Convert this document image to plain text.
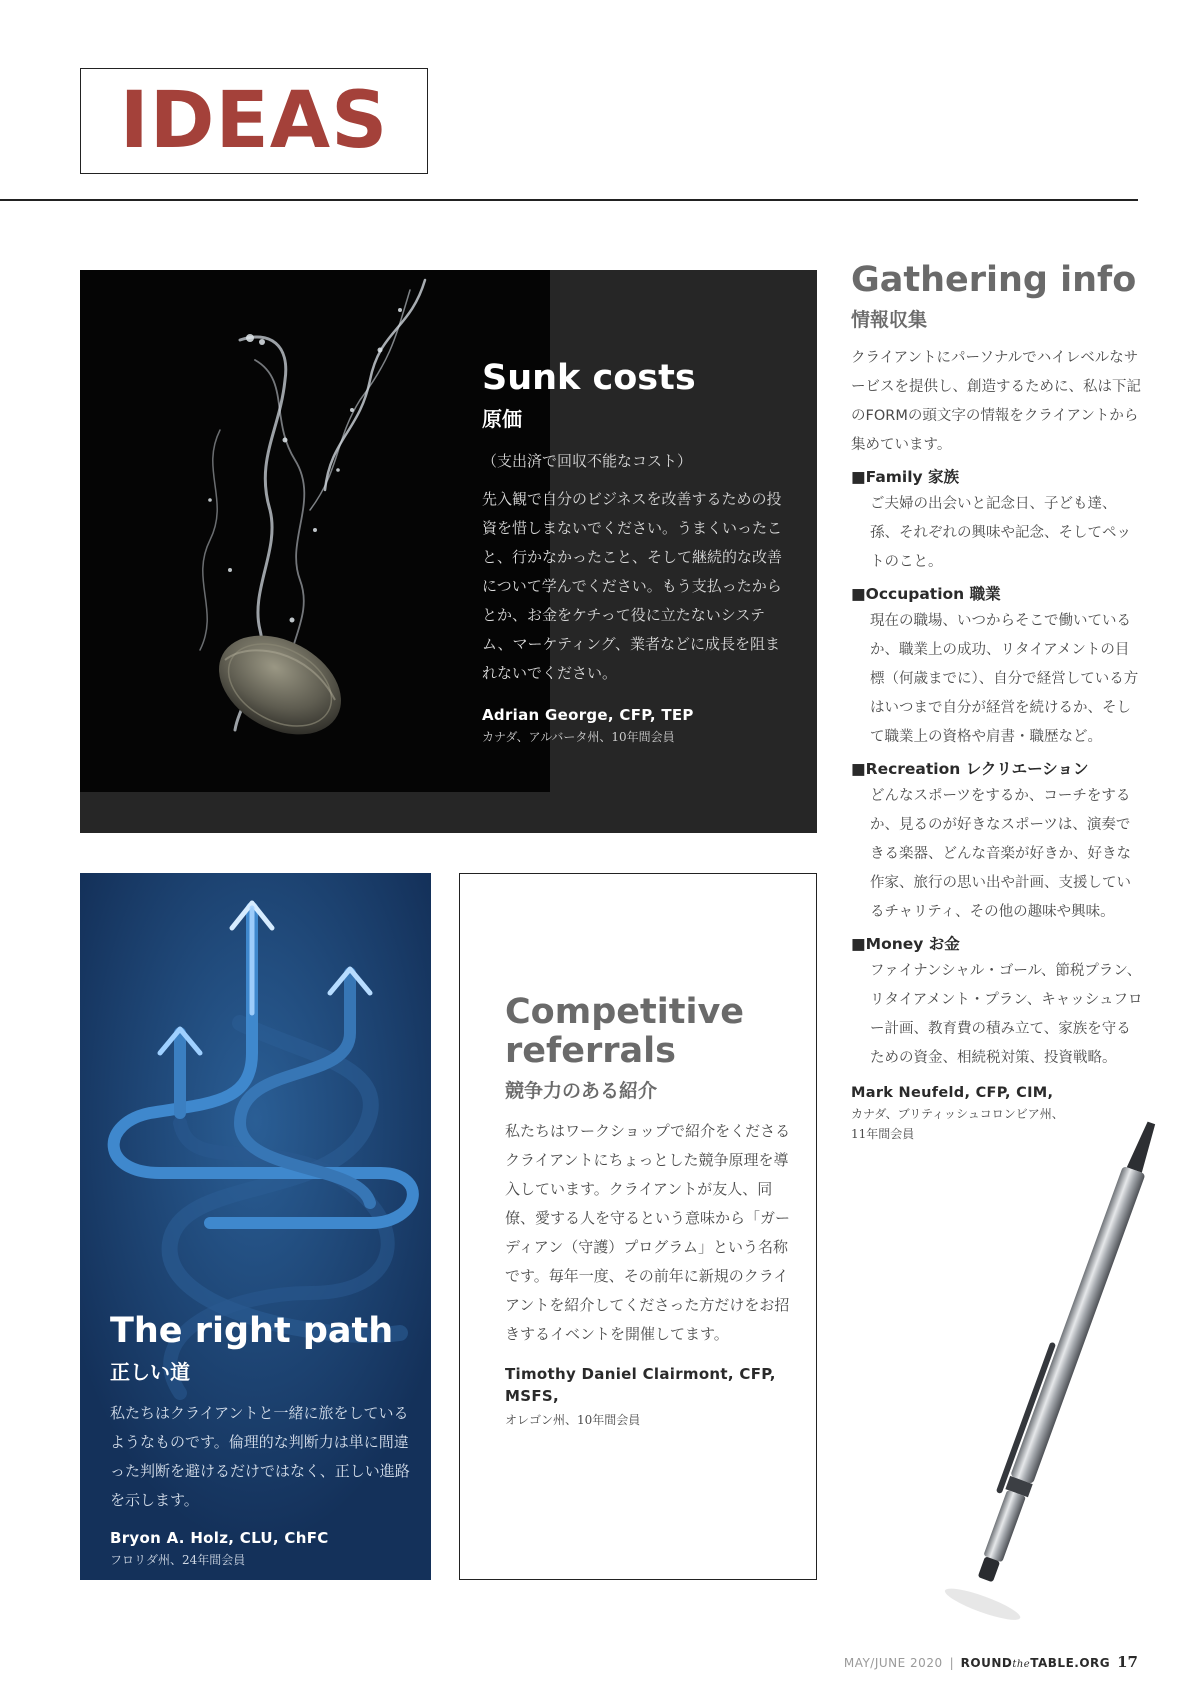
IDEAS
Sunk costs
原価
（支出済で回収不能なコスト）
先入観で自分のビジネスを改善するための投資を惜しまないでください。うまくいったこと、行かなかったこと、そして継続的な改善について学んでください。もう支払ったからとか、お金をケチって役に立たないシステム、マーケティング、業者などに成長を阻まれないでください。
Adrian George, CFP, TEP
カナダ、アルバータ州、10年間会員
The right path
正しい道
私たちはクライアントと一緒に旅をしているようなものです。倫理的な判断力は単に間違った判断を避けるだけではなく、正しい進路を示します。
Bryon A. Holz, CLU, ChFC
フロリダ州、24年間会員
Competitive
referrals
競争力のある紹介
私たちはワークショップで紹介をくださるクライアントにちょっとした競争原理を導入しています。クライアントが友人、同僚、愛する人を守るという意味から「ガーディアン（守護）プログラム」という名称です。毎年一度、その前年に新規のクライアントを紹介してくださった方だけをお招きするイベントを開催してます。
Timothy Daniel Clairmont, CFP, MSFS,
オレゴン州、10年間会員
Gathering info
情報収集
クライアントにパーソナルでハイレベルなサービスを提供し、創造するために、私は下記のFORMの頭文字の情報をクライアントから集めています。
■Family 家族
ご夫婦の出会いと記念日、子ども達、孫、それぞれの興味や記念、そしてペットのこと。
■Occupation 職業
現在の職場、いつからそこで働いているか、職業上の成功、リタイアメントの目標（何歳までに）、自分で経営している方はいつまで自分が経営を続けるか、そして職業上の資格や肩書・職歴など。
■Recreation レクリエーション
どんなスポーツをするか、コーチをするか、見るのが好きなスポーツは、演奏できる楽器、どんな音楽が好きか、好きな作家、旅行の思い出や計画、支援しているチャリティ、その他の趣味や興味。
■Money お金
ファイナンシャル・ゴール、節税プラン、リタイアメント・プラン、キャッシュフロー計画、教育費の積み立て、家族を守るための資金、相続税対策、投資戦略。
Mark Neufeld, CFP, CIM,
カナダ、ブリティッシュコロンビア州、
11年間会員
MAY/JUNE 2020 | ROUNDtheTABLE.ORG 17
